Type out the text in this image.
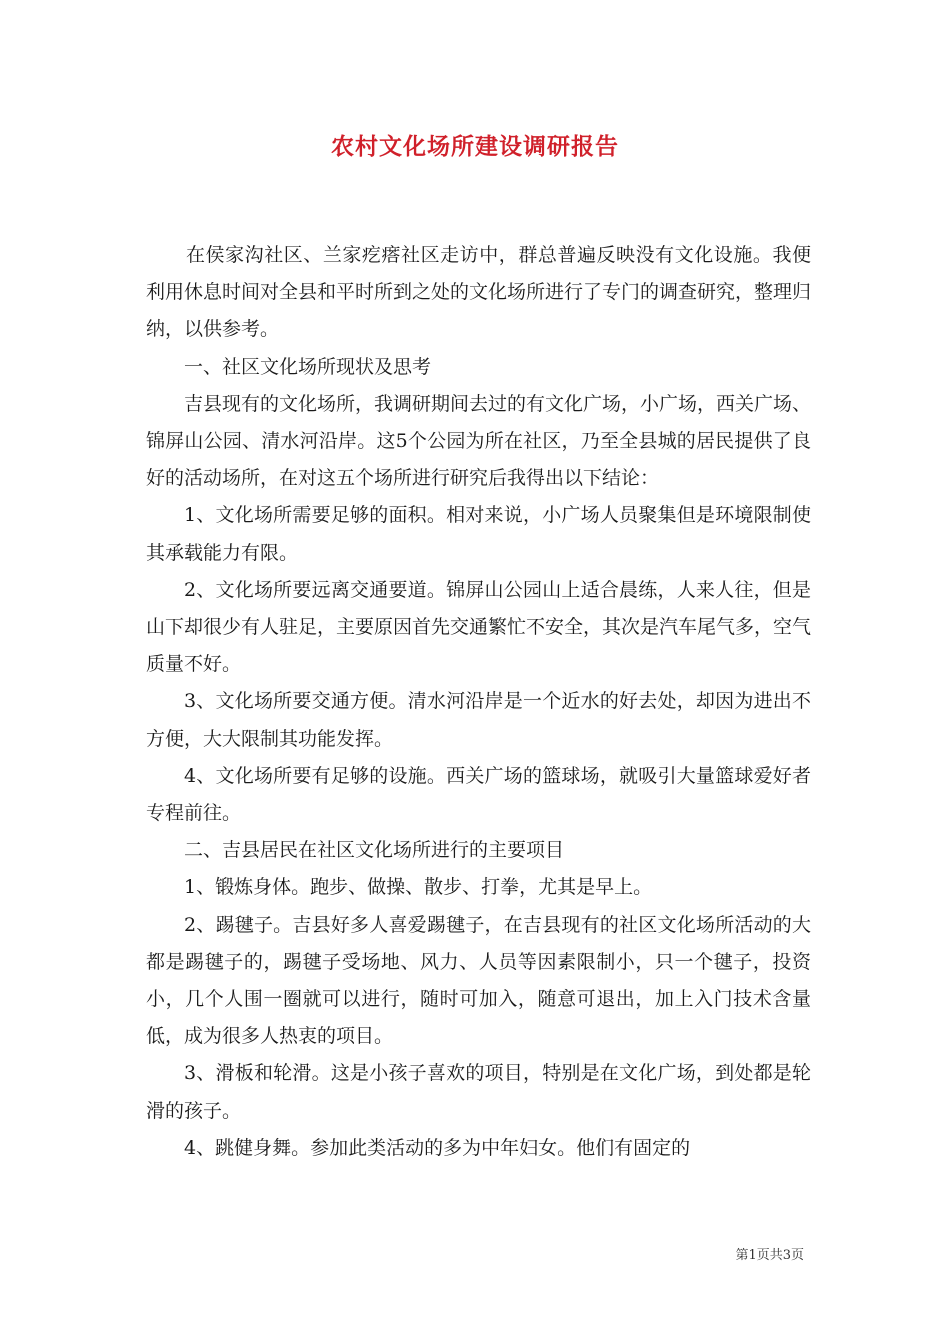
农村文化场所建设调研报告

在侯家沟社区、兰家疙瘩社区走访中，群总普遍反映没有文化设施。我便利用休息时间对全县和平时所到之处的文化场所进行了专门的调查研究，整理归纳，以供参考。

一、社区文化场所现状及思考

吉县现有的文化场所，我调研期间去过的有文化广场，小广场，西关广场、锦屏山公园、清水河沿岸。这5个公园为所在社区，乃至全县城的居民提供了良好的活动场所，在对这五个场所进行研究后我得出以下结论：

1、文化场所需要足够的面积。相对来说，小广场人员聚集但是环境限制使其承载能力有限。

2、文化场所要远离交通要道。锦屏山公园山上适合晨练，人来人往，但是山下却很少有人驻足，主要原因首先交通繁忙不安全，其次是汽车尾气多，空气质量不好。

3、文化场所要交通方便。清水河沿岸是一个近水的好去处，却因为进出不方便，大大限制其功能发挥。

4、文化场所要有足够的设施。西关广场的篮球场，就吸引大量篮球爱好者专程前往。

二、吉县居民在社区文化场所进行的主要项目

1、锻炼身体。跑步、做操、散步、打拳，尤其是早上。

2、踢毽子。吉县好多人喜爱踢毽子，在吉县现有的社区文化场所活动的大都是踢毽子的，踢毽子受场地、风力、人员等因素限制小，只一个毽子，投资小，几个人围一圈就可以进行，随时可加入，随意可退出，加上入门技术含量低，成为很多人热衷的项目。

3、滑板和轮滑。这是小孩子喜欢的项目，特别是在文化广场，到处都是轮滑的孩子。

4、跳健身舞。参加此类活动的多为中年妇女。他们有固定的

第1页共3页
